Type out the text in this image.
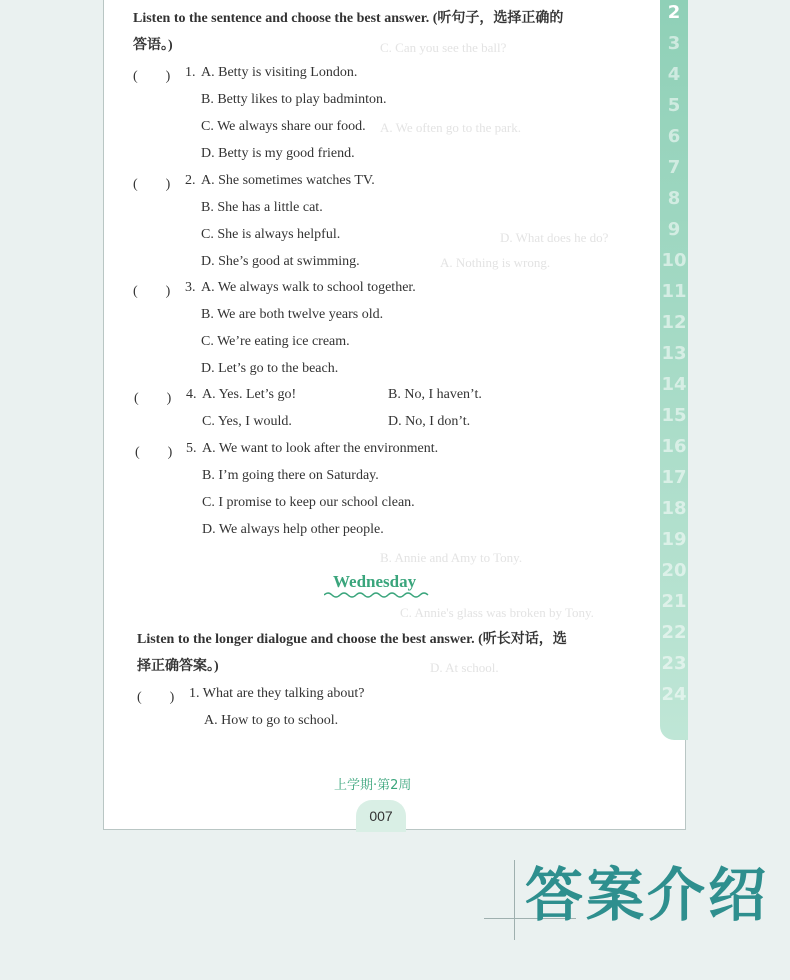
2
3
4
5
6
7
8
9
10
11
12
13
14
15
16
17
18
19
20
21
22
23
24
C. Can you see the ball?
A. We often go to the park.
D. What does he do?
A. Nothing is wrong.
B. Annie and Amy to Tony.
C. Annie's glass was broken by Tony.
D. At school.
Listen to the sentence and choose the best answer. (听句子，选择正确的
答语。)
(　　) 1. A. Betty is visiting London.
B. Betty likes to play badminton.
C. We always share our food.
D. Betty is my good friend.
(　　) 2. A. She sometimes watches TV.
B. She has a little cat.
C. She is always helpful.
D. She’s good at swimming.
(　　) 3. A. We always walk to school together.
B. We are both twelve years old.
C. We’re eating ice cream.
D. Let’s go to the beach.
(　　) 4. A. Yes. Let’s go!	B. No, I haven’t.
C. Yes, I would.	D. No, I don’t.
(　　) 5. A. We want to look after the environment.
B. I’m going there on Saturday.
C. I promise to keep our school clean.
D. We always help other people.
Wednesday
Listen to the longer dialogue and choose the best answer. (听长对话，选
择正确答案。)
(　　) 1. What are they talking about?
A. How to go to school.
上学期·第2周
007
答案介绍
